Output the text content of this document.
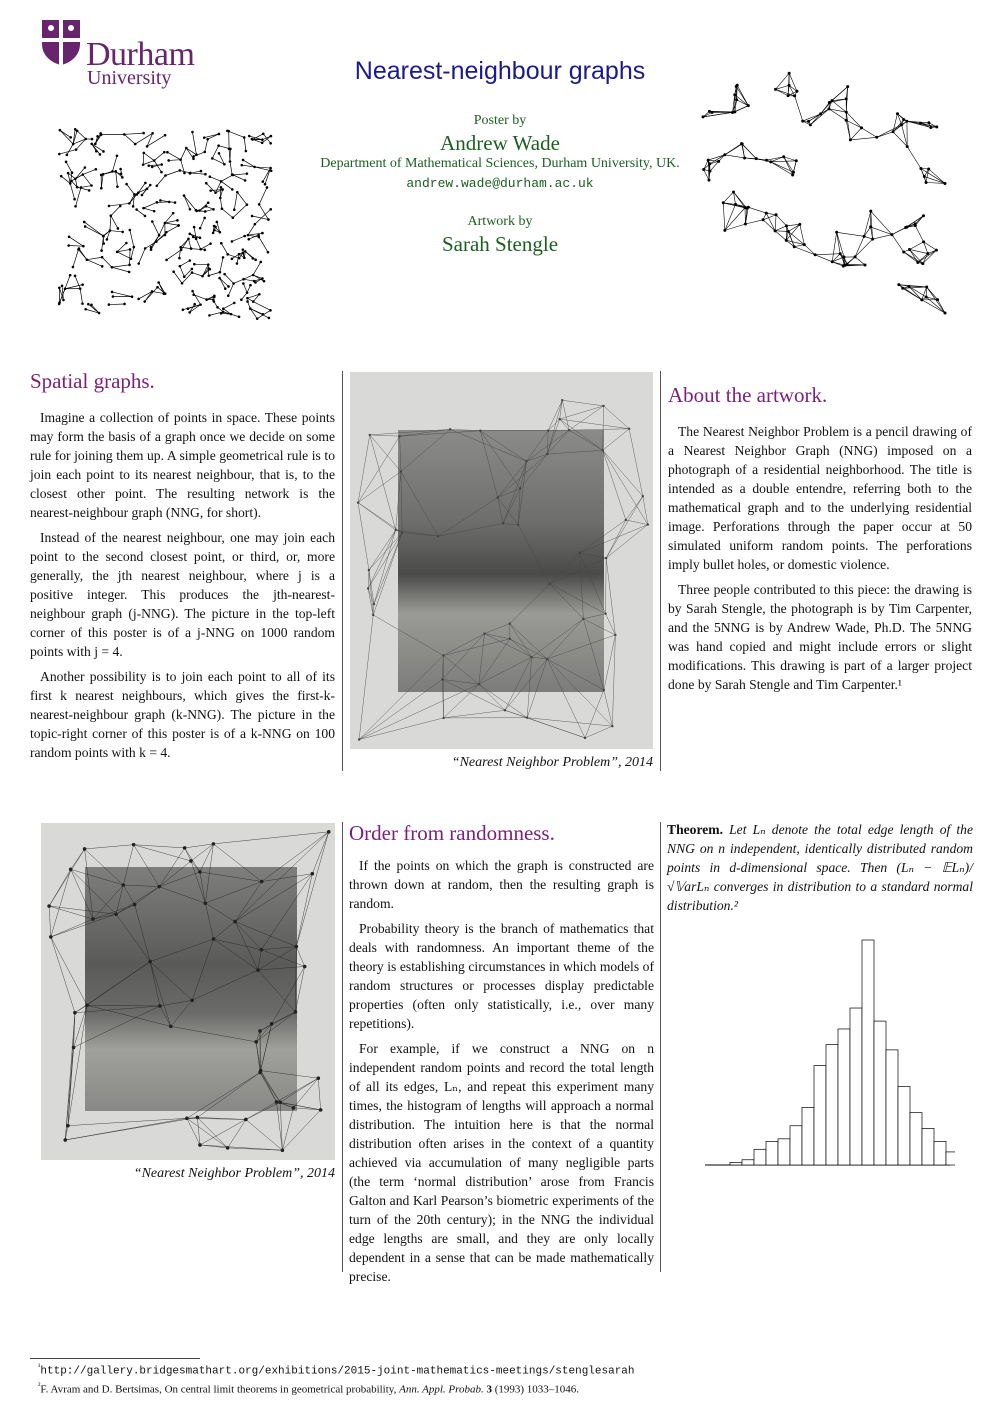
Durham
University	Nearest-neighbour graphs
Poster by
Andrew Wade
Department of Mathematical Sciences, Durham University, UK.
andrew.wade@durham.ac.uk
Artwork by
Sarah Stengle
Spatial graphs.

Imagine a collection of points in space. These points may form the basis of a graph once we decide on some rule for joining them up. A simple geometrical rule is to join each point to its nearest neighbour, that is, to the closest other point. The resulting network is the nearest-neighbour graph (NNG, for short).

Instead of the nearest neighbour, one may join each point to the second closest point, or third, or, more generally, the jth nearest neighbour, where j is a positive integer. This produces the jth-nearest-neighbour graph (j-NNG). The picture in the top-left corner of this poster is of a j-NNG on 1000 random points with j = 4.

Another possibility is to join each point to all of its first k nearest neighbours, which gives the first-k-nearest-neighbour graph (k-NNG). The picture in the topic-right corner of this poster is of a k-NNG on 100 random points with k = 4.

“Nearest Neighbor Problem”, 2014
About the artwork.

The Nearest Neighbor Problem is a pencil drawing of a Nearest Neighbor Graph (NNG) imposed on a photograph of a residential neighborhood. The title is intended as a double entendre, referring both to the mathematical graph and to the underlying residential image. Perforations through the paper occur at 50 simulated uniform random points. The perforations imply bullet holes, or domestic violence.

Three people contributed to this piece: the drawing is by Sarah Stengle, the photograph is by Tim Carpenter, and the 5NNG is by Andrew Wade, Ph.D. The 5NNG was hand copied and might include errors or slight modifications. This drawing is part of a larger project done by Sarah Stengle and Tim Carpenter.¹

“Nearest Neighbor Problem”, 2014
Order from randomness.

If the points on which the graph is constructed are thrown down at random, then the resulting graph is random.

Probability theory is the branch of mathematics that deals with randomness. An important theme of the theory is establishing circumstances in which models of random structures or processes display predictable properties (often only statistically, i.e., over many repetitions).

For example, if we construct a NNG on n independent random points and record the total length of all its edges, Lₙ, and repeat this experiment many times, the histogram of lengths will approach a normal distribution. The intuition here is that the normal distribution often arises in the context of a quantity achieved via accumulation of many negligible parts (the term ‘normal distribution’ arose from Francis Galton and Karl Pearson’s biometric experiments of the turn of the 20th century); in the NNG the individual edge lengths are small, and they are only locally dependent in a sense that can be made mathematically precise.

Theorem. Let Lₙ denote the total edge length of the NNG on n independent, identically distributed random points in d-dimensional space. Then (Lₙ − 𝔼Lₙ)/√𝕍arLₙ converges in distribution to a standard normal distribution.²
$^{^1}$http://gallery.bridgesmathart.org/exhibitions/2015-joint-mathematics-meetings/stenglesarah
$^{^2}$F. Avram and D. Bertsimas, On central limit theorems in geometrical probability, Ann. Appl. Probab. 3 (1993) 1033–1046.
